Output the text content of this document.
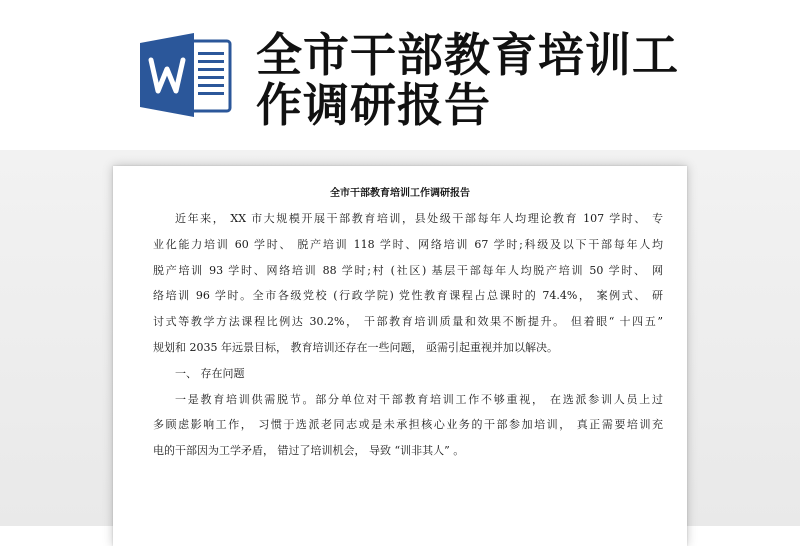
全市干部教育培训工作调研报告
全市干部教育培训工作调研报告
近年来， XX 市大规模开展干部教育培训，县处级干部每年人均理论教育 107 学时、 专
业化能力培训 60 学时、 脱产培训 118 学时、网络培训 67 学时;科级及以下干部每年人均
脱产培训 93 学时、网络培训 88 学时;村 (社区) 基层干部每年人均脱产培训 50 学时、 网
络培训 96 学时。全市各级党校 (行政学院) 党性教育课程占总课时的 74.4%， 案例式、 研
讨式等教学方法课程比例达 30.2%， 干部教育培训质量和效果不断提升。 但着眼“ 十四五”
规划和 2035 年远景目标， 教育培训还存在一些问题， 亟需引起重视并加以解决。
一、 存在问题
一是教育培训供需脱节。部分单位对干部教育培训工作不够重视， 在选派参训人员上过
多顾虑影响工作， 习惯于选派老同志或是未承担核心业务的干部参加培训， 真正需要培训充
电的干部因为工学矛盾， 错过了培训机会， 导致 “训非其人” 。
